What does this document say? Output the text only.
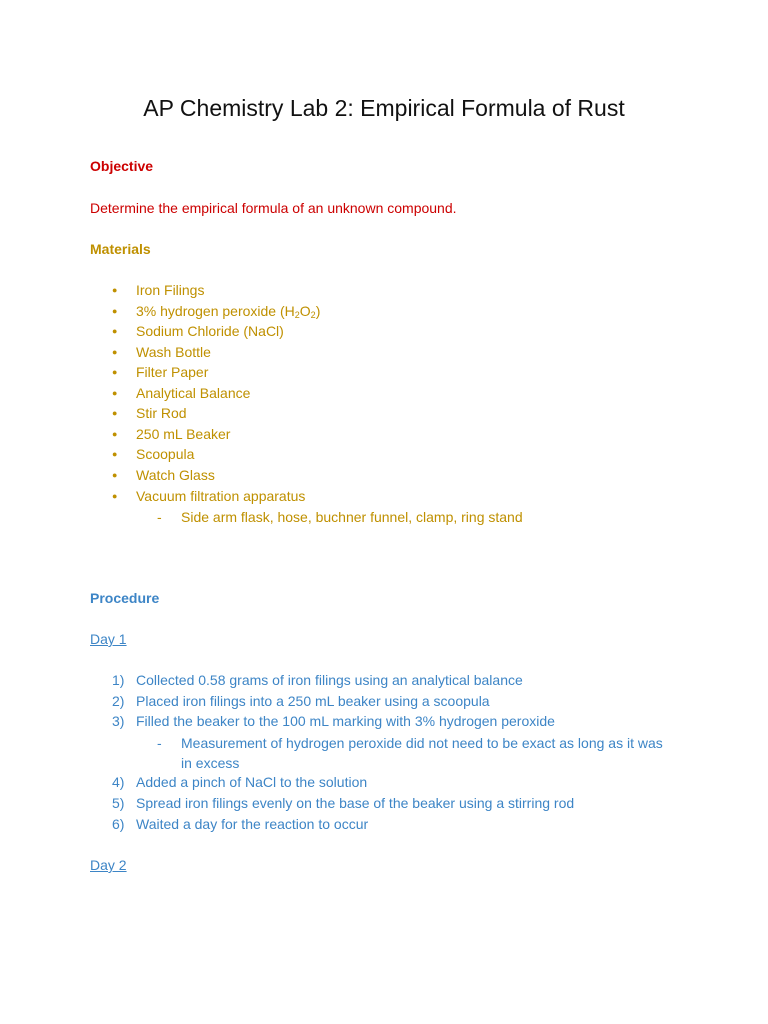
AP Chemistry Lab 2: Empirical Formula of Rust
Objective
Determine the empirical formula of an unknown compound.
Materials
●	Iron Filings
●	3% hydrogen peroxide $(H_2O_2)$
●	Sodium Chloride (NaCl)
●	Wash Bottle
●	Filter Paper
●	Analytical Balance
●	Stir Rod
●	250 mL Beaker
●	Scoopula
●	Watch Glass
●	Vacuum filtration apparatus
-	Side arm flask, hose, buchner funnel, clamp, ring stand
Procedure
Day 1
1) Collected 0.58 grams of iron filings using an analytical balance
2) Placed iron filings into a 250 mL beaker using a scoopula
3) Filled the beaker to the 100 mL marking with 3% hydrogen peroxide
-	Measurement of hydrogen peroxide did not need to be exact as long as it was in excess
4) Added a pinch of NaCl to the solution
5) Spread iron filings evenly on the base of the beaker using a stirring rod
6) Waited a day for the reaction to occur
Day 2
